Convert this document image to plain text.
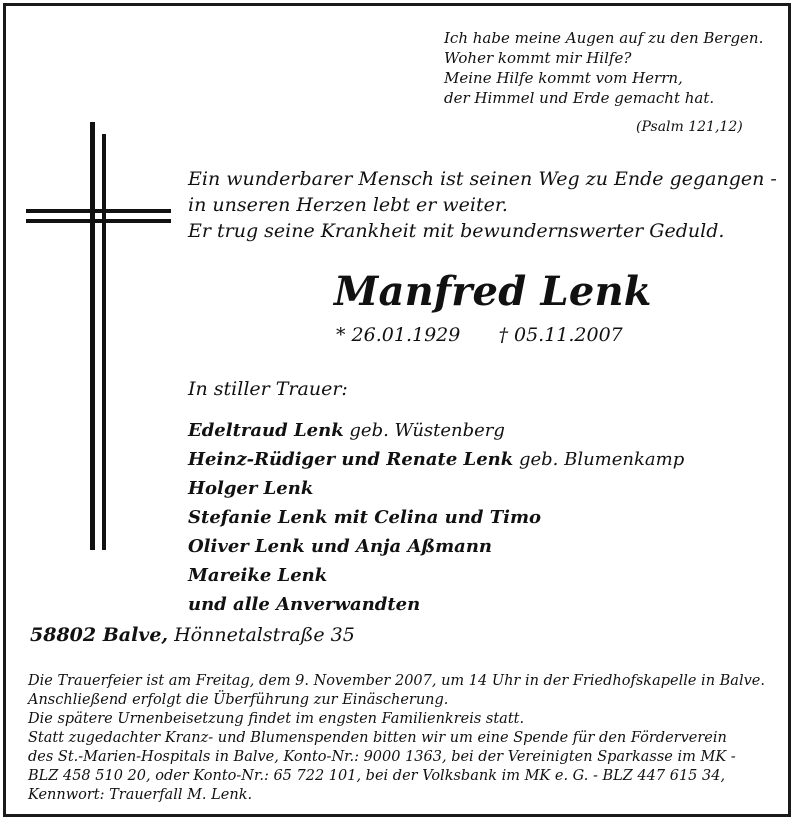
Ich habe meine Augen auf zu den Bergen.
Woher kommt mir Hilfe?
Meine Hilfe kommt vom Herrn,
der Himmel und Erde gemacht hat.
(Psalm 121,12)
Ein wunderbarer Mensch ist seinen Weg zu Ende gegangen -
in unseren Herzen lebt er weiter.
Er trug seine Krankheit mit bewundernswerter Geduld.
Manfred Lenk
* 26.01.1929 † 05.11.2007
In stiller Trauer:
Edeltraud Lenk geb. Wüstenberg
Heinz-Rüdiger und Renate Lenk geb. Blumenkamp
Holger Lenk
Stefanie Lenk mit Celina und Timo
Oliver Lenk und Anja Aßmann
Mareike Lenk
und alle Anverwandten
58802 Balve, Hönnetalstraße 35
Die Trauerfeier ist am Freitag, dem 9. November 2007, um 14 Uhr in der Friedhofskapelle in Balve.
Anschließend erfolgt die Überführung zur Einäscherung.
Die spätere Urnenbeisetzung findet im engsten Familienkreis statt.
Statt zugedachter Kranz- und Blumenspenden bitten wir um eine Spende für den Förderverein
des St.-Marien-Hospitals in Balve, Konto-Nr.: 9000 1363, bei der Vereinigten Sparkasse im MK -
BLZ 458 510 20, oder Konto-Nr.: 65 722 101, bei der Volksbank im MK e. G. - BLZ 447 615 34,
Kennwort: Trauerfall M. Lenk.
